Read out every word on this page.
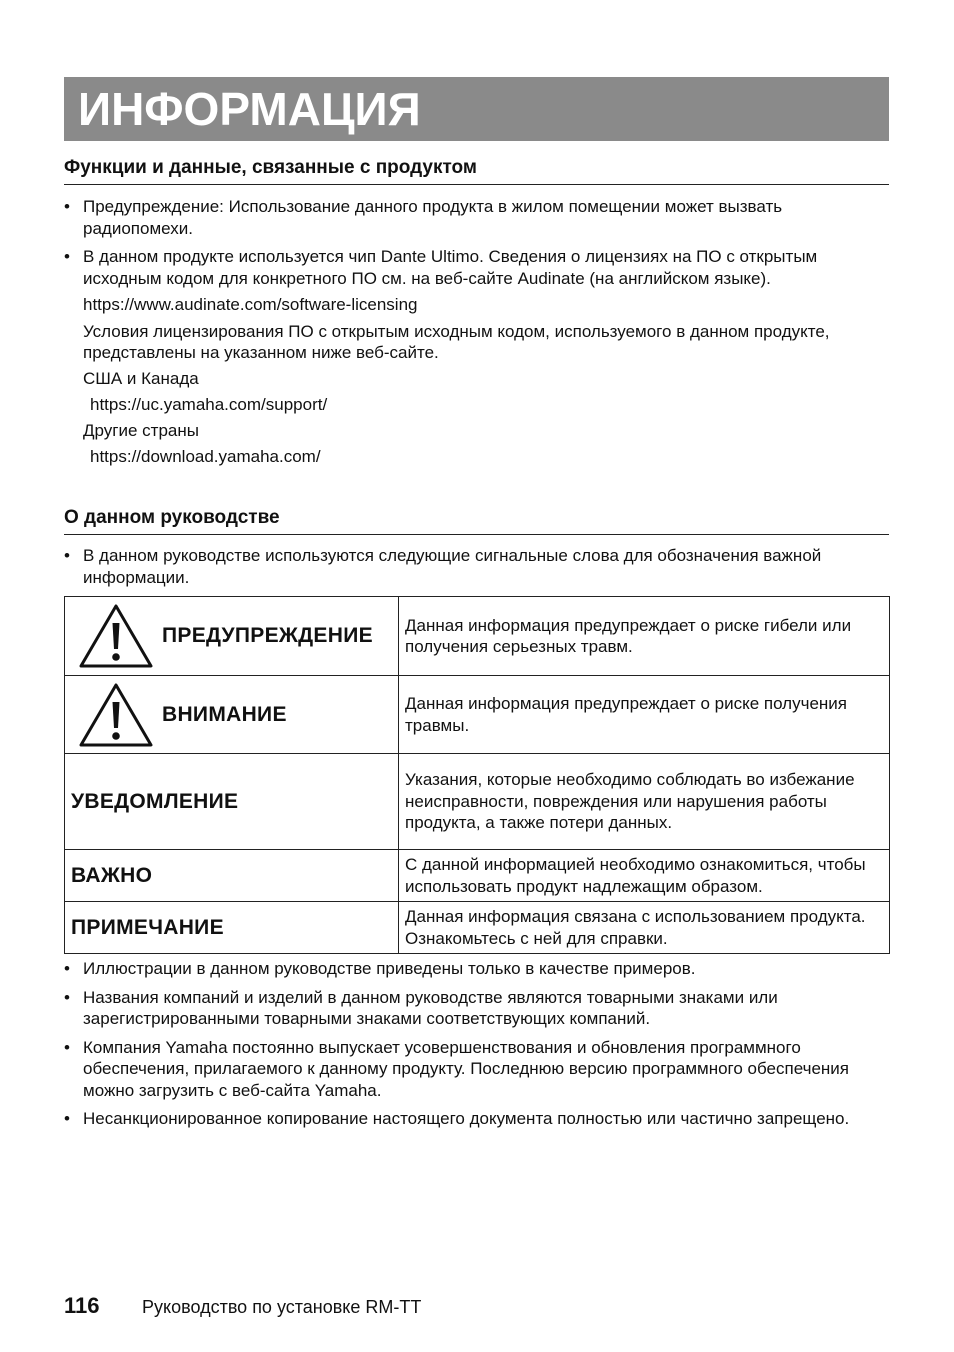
ИНФОРМАЦИЯ
Функции и данные, связанные с продуктом
• Предупреждение: Использование данного продукта в жилом помещении может вызвать радиопомехи.
• В данном продукте используется чип Dante Ultimo. Сведения о лицензиях на ПО с открытым исходным кодом для конкретного ПО см. на веб-сайте Audinate (на английском языке).
https://www.audinate.com/software-licensing
Условия лицензирования ПО с открытым исходным кодом, используемого в данном продукте, представлены на указанном ниже веб-сайте.
США и Канада
https://uc.yamaha.com/support/
Другие страны
https://download.yamaha.com/
О данном руководстве
• В данном руководстве используются следующие сигнальные слова для обозначения важной информации.
ПРЕДУПРЕЖДЕНИЕ	Данная информация предупреждает о риске гибели или получения серьезных травм.

ВНИМАНИЕ	Данная информация предупреждает о риске получения травмы.

УВЕДОМЛЕНИЕ	Указания, которые необходимо соблюдать во избежание неисправности, повреждения или нарушения работы продукта, а также потери данных.

ВАЖНО	С данной информацией необходимо ознакомиться, чтобы использовать продукт надлежащим образом.

ПРИМЕЧАНИЕ	Данная информация связана с использованием продукта. Ознакомьтесь с ней для справки.
• Иллюстрации в данном руководстве приведены только в качестве примеров.
• Названия компаний и изделий в данном руководстве являются товарными знаками или зарегистрированными товарными знаками соответствующих компаний.
• Компания Yamaha постоянно выпускает усовершенствования и обновления программного обеспечения, прилагаемого к данному продукту. Последнюю версию программного обеспечения можно загрузить с веб-сайта Yamaha.
• Несанкционированное копирование настоящего документа полностью или частично запрещено.
116 Руководство по установке RM-TT
